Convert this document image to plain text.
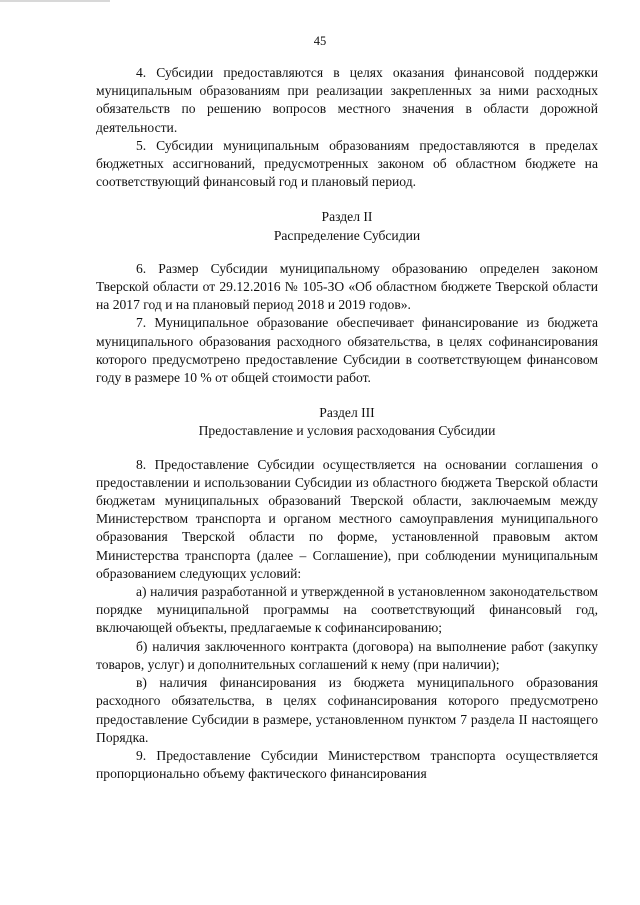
45

4. Субсидии предоставляются в целях оказания финансовой поддержки муниципальным образованиям при реализации закрепленных за ними расходных обязательств по решению вопросов местного значения в области дорожной деятельности.

5. Субсидии муниципальным образованиям предоставляются в пределах бюджетных ассигнований, предусмотренных законом об областном бюджете на соответствующий финансовый год и плановый период.

Раздел II
Распределение Субсидии

6. Размер Субсидии муниципальному образованию определен законом Тверской области от 29.12.2016 № 105-ЗО «Об областном бюджете Тверской области на 2017 год и на плановый период 2018 и 2019 годов».

7. Муниципальное образование обеспечивает финансирование из бюджета муниципального образования расходного обязательства, в целях софинансирования которого предусмотрено предоставление Субсидии в соответствующем финансовом году в размере 10 % от общей стоимости работ.

Раздел III
Предоставление и условия расходования Субсидии

8. Предоставление Субсидии осуществляется на основании соглашения о предоставлении и использовании Субсидии из областного бюджета Тверской области бюджетам муниципальных образований Тверской области, заключаемым между Министерством транспорта и органом местного самоуправления муниципального образования Тверской области по форме, установленной правовым актом Министерства транспорта (далее – Соглашение), при соблюдении муниципальным образованием следующих условий:

а) наличия разработанной и утвержденной в установленном законодательством порядке муниципальной программы на соответствующий финансовый год, включающей объекты, предлагаемые к софинансированию;

б) наличия заключенного контракта (договора) на выполнение работ (закупку товаров, услуг) и дополнительных соглашений к нему (при наличии);

в) наличия финансирования из бюджета муниципального образования расходного обязательства, в целях софинансирования которого предусмотрено предоставление Субсидии в размере, установленном пунктом 7 раздела II настоящего Порядка.

9. Предоставление Субсидии Министерством транспорта осуществляется пропорционально объему фактического финансирования
